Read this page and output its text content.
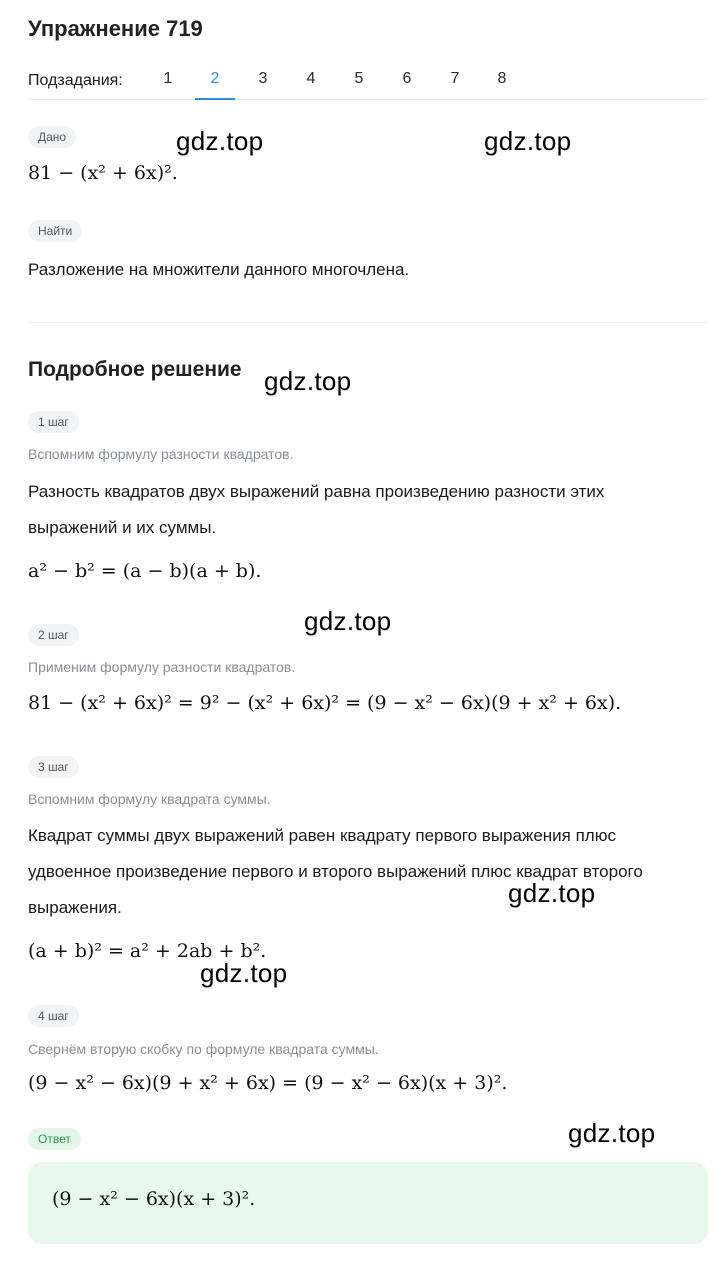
Упражнение 719
Подзадания:	1	2	3	4	5	6	7	8
Дано
81 − (x² + 6x)².
Найти
Разложение на множители данного многочлена.
Подробное решение
1 шаг
Вспомним формулу разности квадратов.
Разность квадратов двух выражений равна произведению разности этих выражений и их суммы.
a² − b² = (a − b)(a + b).
2 шаг
Применим формулу разности квадратов.
81 − (x² + 6x)² = 9² − (x² + 6x)² = (9 − x² − 6x)(9 + x² + 6x).
3 шаг
Вспомним формулу квадрата суммы.
Квадрат суммы двух выражений равен квадрату первого выражения плюс удвоенное произведение первого и второго выражений плюс квадрат второго выражения.
(a + b)² = a² + 2ab + b².
4 шаг
Свернём вторую скобку по формуле квадрата суммы.
(9 − x² − 6x)(9 + x² + 6x) = (9 − x² − 6x)(x + 3)².
Ответ
(9 − x² − 6x)(x + 3)².
gdz.top	gdz.top
gdz.top
gdz.top
gdz.top
gdz.top
gdz.top
